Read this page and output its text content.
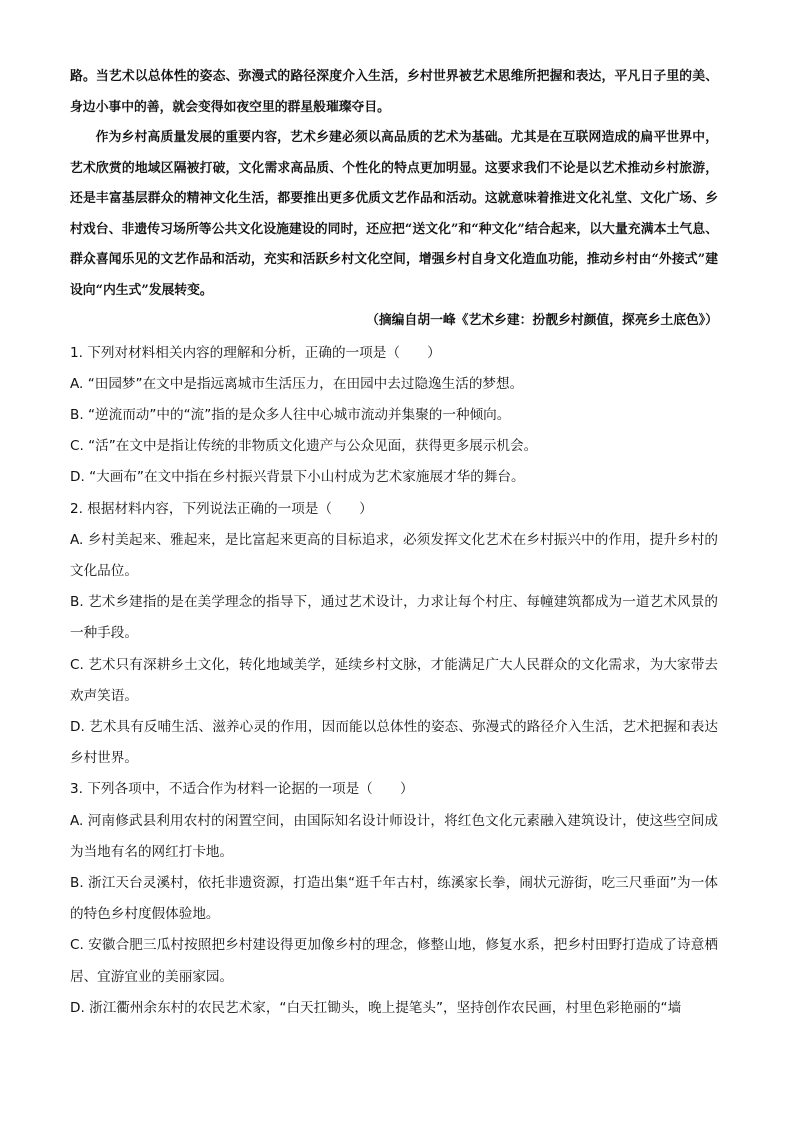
路。当艺术以总体性的姿态、弥漫式的路径深度介入生活，乡村世界被艺术思维所把握和表达，平凡日子里的美、身边小事中的善，就会变得如夜空里的群星般璀璨夺目。

作为乡村高质量发展的重要内容，艺术乡建必须以高品质的艺术为基础。尤其是在互联网造成的扁平世界中，艺术欣赏的地域区隔被打破，文化需求高品质、个性化的特点更加明显。这要求我们不论是以艺术推动乡村旅游，还是丰富基层群众的精神文化生活，都要推出更多优质文艺作品和活动。这就意味着推进文化礼堂、文化广场、乡村戏台、非遗传习场所等公共文化设施建设的同时，还应把“送文化”和“种文化”结合起来，以大量充满本土气息、群众喜闻乐见的文艺作品和活动，充实和活跃乡村文化空间，增强乡村自身文化造血功能，推动乡村由“外接式”建设向“内生式”发展转变。

（摘编自胡一峰《艺术乡建：扮靓乡村颜值，探亮乡土底色》）

1. 下列对材料相关内容的理解和分析，正确的一项是（　　）

A. “田园梦”在文中是指远离城市生活压力，在田园中去过隐逸生活的梦想。

B. “逆流而动”中的“流”指的是众多人往中心城市流动并集聚的一种倾向。

C. “活”在文中是指让传统的非物质文化遗产与公众见面，获得更多展示机会。

D. “大画布”在文中指在乡村振兴背景下小山村成为艺术家施展才华的舞台。

2. 根据材料内容，下列说法正确的一项是（　　）

A. 乡村美起来、雅起来，是比富起来更高的目标追求，必须发挥文化艺术在乡村振兴中的作用，提升乡村的文化品位。

B. 艺术乡建指的是在美学理念的指导下，通过艺术设计，力求让每个村庄、每幢建筑都成为一道艺术风景的一种手段。

C. 艺术只有深耕乡土文化，转化地域美学，延续乡村文脉，才能满足广大人民群众的文化需求，为大家带去欢声笑语。

D. 艺术具有反哺生活、滋养心灵的作用，因而能以总体性的姿态、弥漫式的路径介入生活，艺术把握和表达乡村世界。

3. 下列各项中，不适合作为材料一论据的一项是（　　）

A. 河南修武县利用农村的闲置空间，由国际知名设计师设计，将红色文化元素融入建筑设计，使这些空间成为当地有名的网红打卡地。

B. 浙江天台灵溪村，依托非遗资源，打造出集“逛千年古村，练溪家长拳，闹状元游街，吃三尺垂面”为一体的特色乡村度假体验地。

C. 安徽合肥三瓜村按照把乡村建设得更加像乡村的理念，修整山地，修复水系，把乡村田野打造成了诗意栖居、宜游宜业的美丽家园。

D. 浙江衢州余东村的农民艺术家，“白天扛锄头，晚上提笔头”，坚持创作农民画，村里色彩艳丽的“墙
